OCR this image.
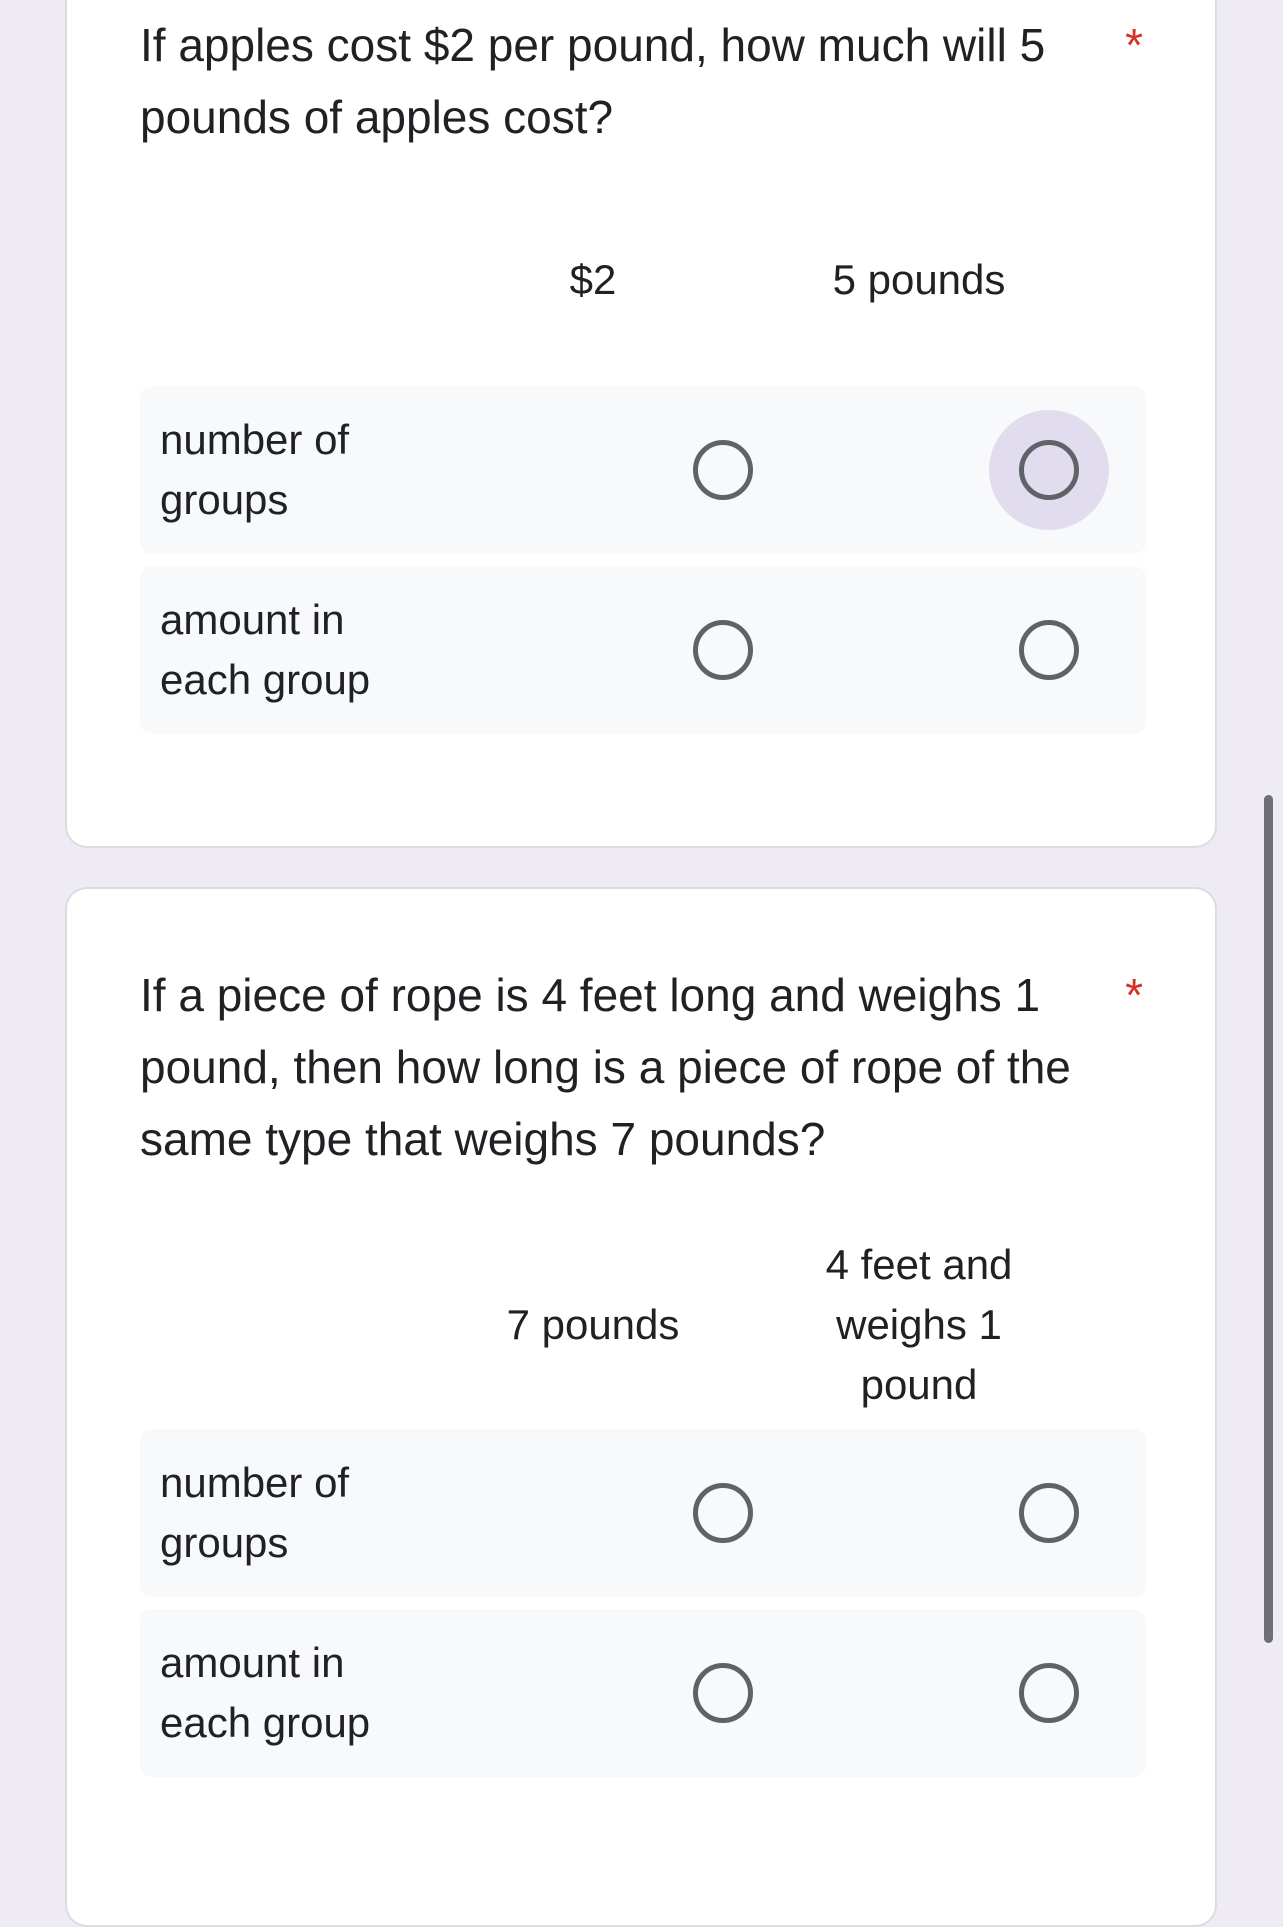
If apples cost $2 per pound, how much will 5 pounds of apples cost?
*
$2	5 pounds
number of groups
amount in each group
If a piece of rope is 4 feet long and weighs 1 pound, then how long is a piece of rope of the same type that weighs 7 pounds?
*
7 pounds
4 feet and weighs 1 pound
number of groups
amount in each group
